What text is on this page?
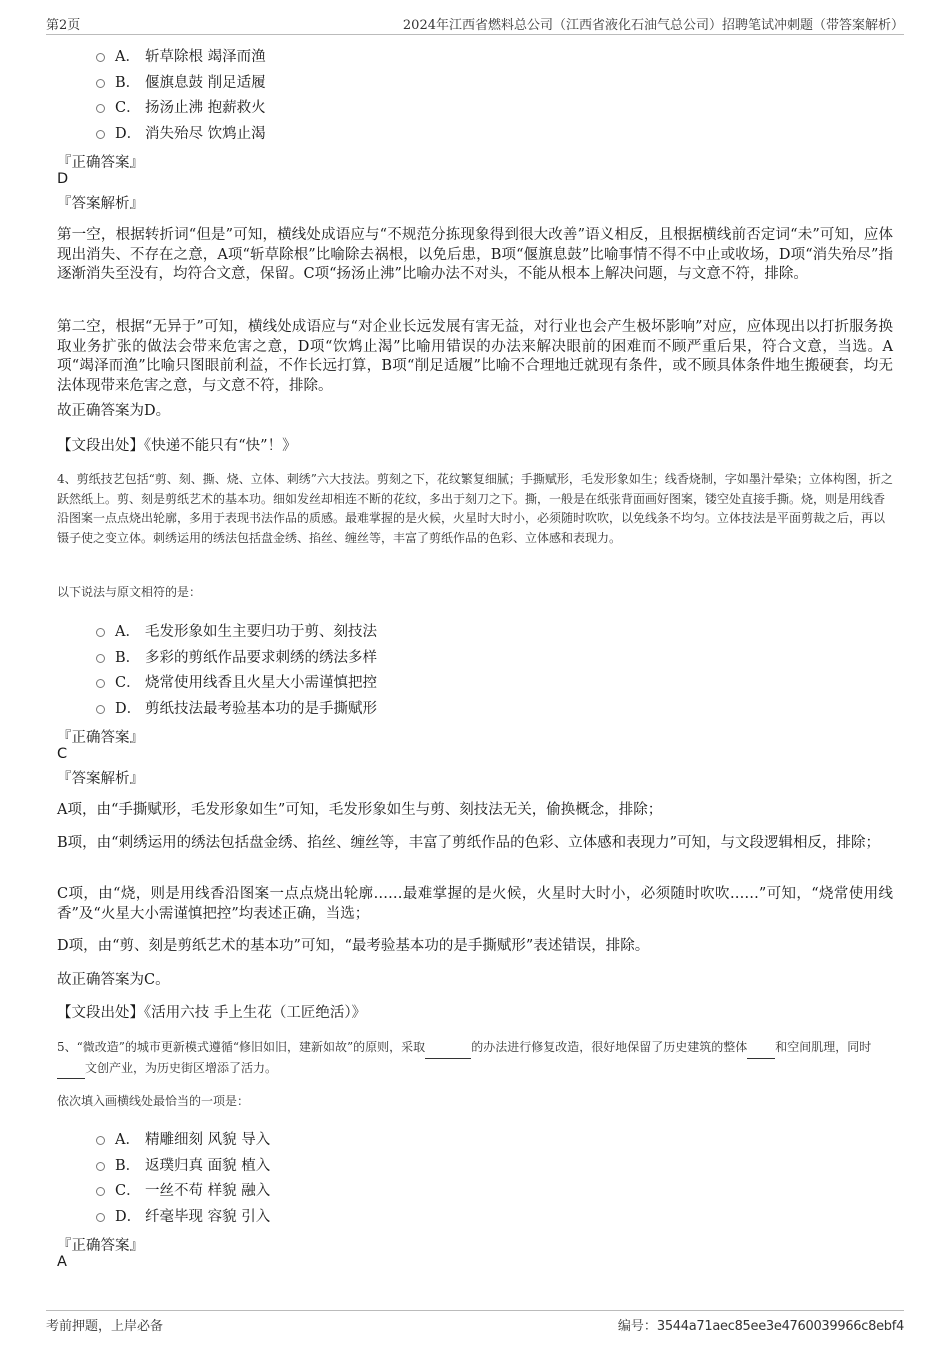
第2页	2024年江西省燃料总公司（江西省液化石油气总公司）招聘笔试冲刺题（带答案解析）
A． 斩草除根 竭泽而渔
B． 偃旗息鼓 削足适履
C． 扬汤止沸 抱薪救火
D． 消失殆尽 饮鸩止渴
『正确答案』
D
『答案解析』

第一空，根据转折词“但是”可知，横线处成语应与“不规范分拣现象得到很大改善”语义相反，且根据横线前否定词“未”可知，应体现出消失、不存在之意，A项“斩草除根”比喻除去祸根，以免后患，B项“偃旗息鼓”比喻事情不得不中止或收场，D项“消失殆尽”指逐渐消失至没有，均符合文意，保留。C项“扬汤止沸”比喻办法不对头，不能从根本上解决问题，与文意不符，排除。

第二空，根据“无异于”可知，横线处成语应与“对企业长远发展有害无益，对行业也会产生极坏影响”对应，应体现出以打折服务换取业务扩张的做法会带来危害之意，D项“饮鸩止渴”比喻用错误的办法来解决眼前的困难而不顾严重后果，符合文意，当选。A项“竭泽而渔”比喻只图眼前利益，不作长远打算，B项“削足适履”比喻不合理地迁就现有条件，或不顾具体条件地生搬硬套，均无法体现带来危害之意，与文意不符，排除。

故正确答案为D。

【文段出处】《快递不能只有“快”！》

4、剪纸技艺包括“剪、刻、撕、烧、立体、刺绣”六大技法。剪刻之下，花纹繁复细腻；手撕赋形，毛发形象如生；线香烧制，字如墨汁晕染；立体构图，折之跃然纸上。剪、刻是剪纸艺术的基本功。细如发丝却相连不断的花纹，多出于刻刀之下。撕，一般是在纸张背面画好图案，镂空处直接手撕。烧，则是用线香沿图案一点点烧出轮廓，多用于表现书法作品的质感。最难掌握的是火候，火星时大时小，必须随时吹吹，以免线条不均匀。立体技法是平面剪裁之后，再以镊子使之变立体。刺绣运用的绣法包括盘金绣、掐丝、缠丝等，丰富了剪纸作品的色彩、立体感和表现力。

以下说法与原文相符的是：

A． 毛发形象如生主要归功于剪、刻技法
B． 多彩的剪纸作品要求刺绣的绣法多样
C． 烧常使用线香且火星大小需谨慎把控
D． 剪纸技法最考验基本功的是手撕赋形
『正确答案』
C
『答案解析』

A项，由“手撕赋形，毛发形象如生”可知，毛发形象如生与剪、刻技法无关，偷换概念，排除；

B项，由“刺绣运用的绣法包括盘金绣、掐丝、缠丝等，丰富了剪纸作品的色彩、立体感和表现力”可知，与文段逻辑相反，排除；

C项，由“烧，则是用线香沿图案一点点烧出轮廓……最难掌握的是火候，火星时大时小，必须随时吹吹……”可知，“烧常使用线香”及“火星大小需谨慎把控”均表述正确，当选；

D项，由“剪、刻是剪纸艺术的基本功”可知，“最考验基本功的是手撕赋形”表述错误，排除。

故正确答案为C。

【文段出处】《活用六技 手上生花（工匠绝活）》

5、“微改造”的城市更新模式遵循“修旧如旧，建新如故”的原则，采取	的办法进行修复改造，很好地保留了历史建筑的整体 和空间肌理，同时文创产业，为历史街区增添了活力。

依次填入画横线处最恰当的一项是：

A． 精雕细刻 风貌 导入
B． 返璞归真 面貌 植入
C． 一丝不苟 样貌 融入
D． 纤毫毕现 容貌 引入
『正确答案』
A
考前押题，上岸必备	编号：3544a71aec85ee3e4760039966c8ebf4
